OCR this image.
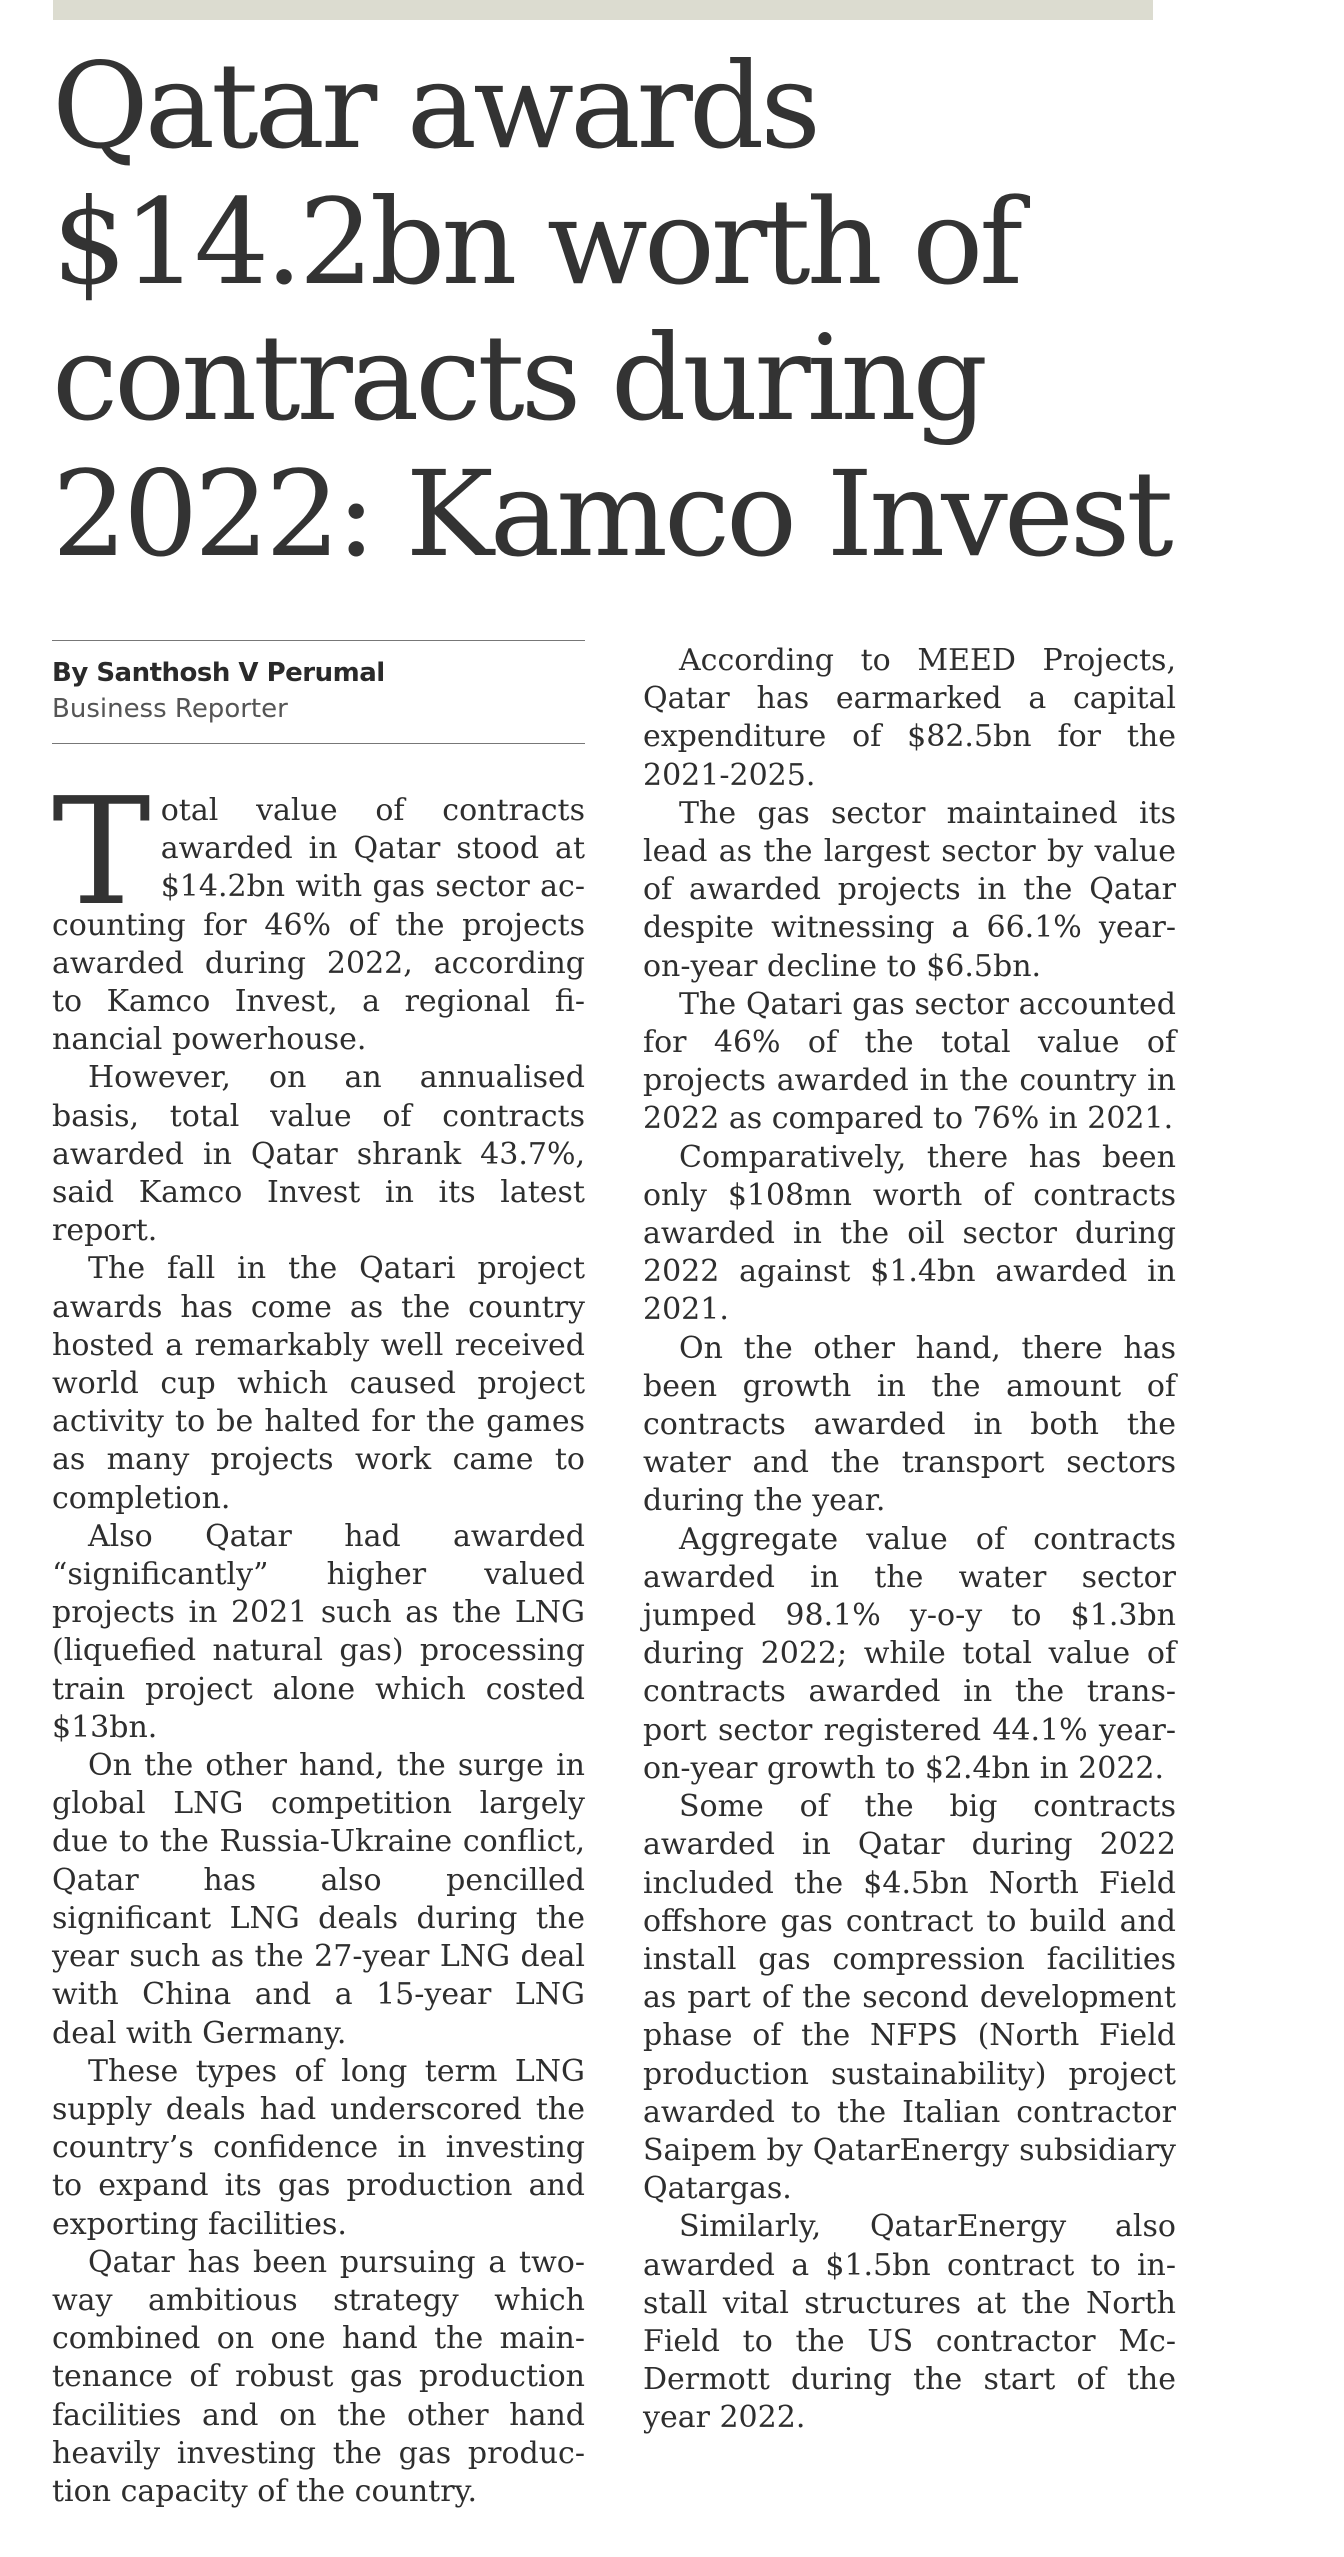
Qatar awards
$14.2bn worth of
contracts during
2022: Kamco Invest
By Santhosh V Perumal
Business Reporter

Total value of contracts awarded in Qatar stood at $14.2bn with gas sector accounting for 46% of the projects awarded during 2022, according to Kamco Invest, a regional financial powerhouse.

However, on an annualised basis, total value of contracts awarded in Qatar shrank 43.7%, said Kamco Invest in its latest report.

The fall in the Qatari project awards has come as the country hosted a remarkably well received world cup which caused project activity to be halted for the games as many projects work came to completion.

Also Qatar had awarded “significantly” higher valued projects in 2021 such as the LNG (liquefied natural gas) processing train project alone which costed $13bn.

On the other hand, the surge in global LNG competition largely due to the Russia-Ukraine conflict, Qatar has also pencilled significant LNG deals during the year such as the 27-year LNG deal with China and a 15-year LNG deal with Germany.

These types of long term LNG supply deals had underscored the country’s confidence in investing to expand its gas production and exporting facilities.

Qatar has been pursuing a two-way ambitious strategy which combined on one hand the maintenance of robust gas production facilities and on the other hand heavily investing the gas production capacity of the country.

According to MEED Projects, Qatar has earmarked a capital expenditure of $82.5bn for the 2021-2025.

The gas sector maintained its lead as the largest sector by value of awarded projects in the Qatar despite witnessing a 66.1% year-on-year decline to $6.5bn.

The Qatari gas sector accounted for 46% of the total value of projects awarded in the country in 2022 as compared to 76% in 2021.

Comparatively, there has been only $108mn worth of contracts awarded in the oil sector during 2022 against $1.4bn awarded in 2021.

On the other hand, there has been growth in the amount of contracts awarded in both the water and the transport sectors during the year.

Aggregate value of contracts awarded in the water sector jumped 98.1% y-o-y to $1.3bn during 2022; while total value of contracts awarded in the transport sector registered 44.1% year-on-year growth to $2.4bn in 2022.

Some of the big contracts awarded in Qatar during 2022 included the $4.5bn North Field offshore gas contract to build and install gas compression facilities as part of the second development phase of the NFPS (North Field production sustainability) project awarded to the Italian contractor Saipem by QatarEnergy subsidiary Qatargas.

Similarly, QatarEnergy also awarded a $1.5bn contract to install vital structures at the North Field to the US contractor McDermott during the start of the year 2022.
